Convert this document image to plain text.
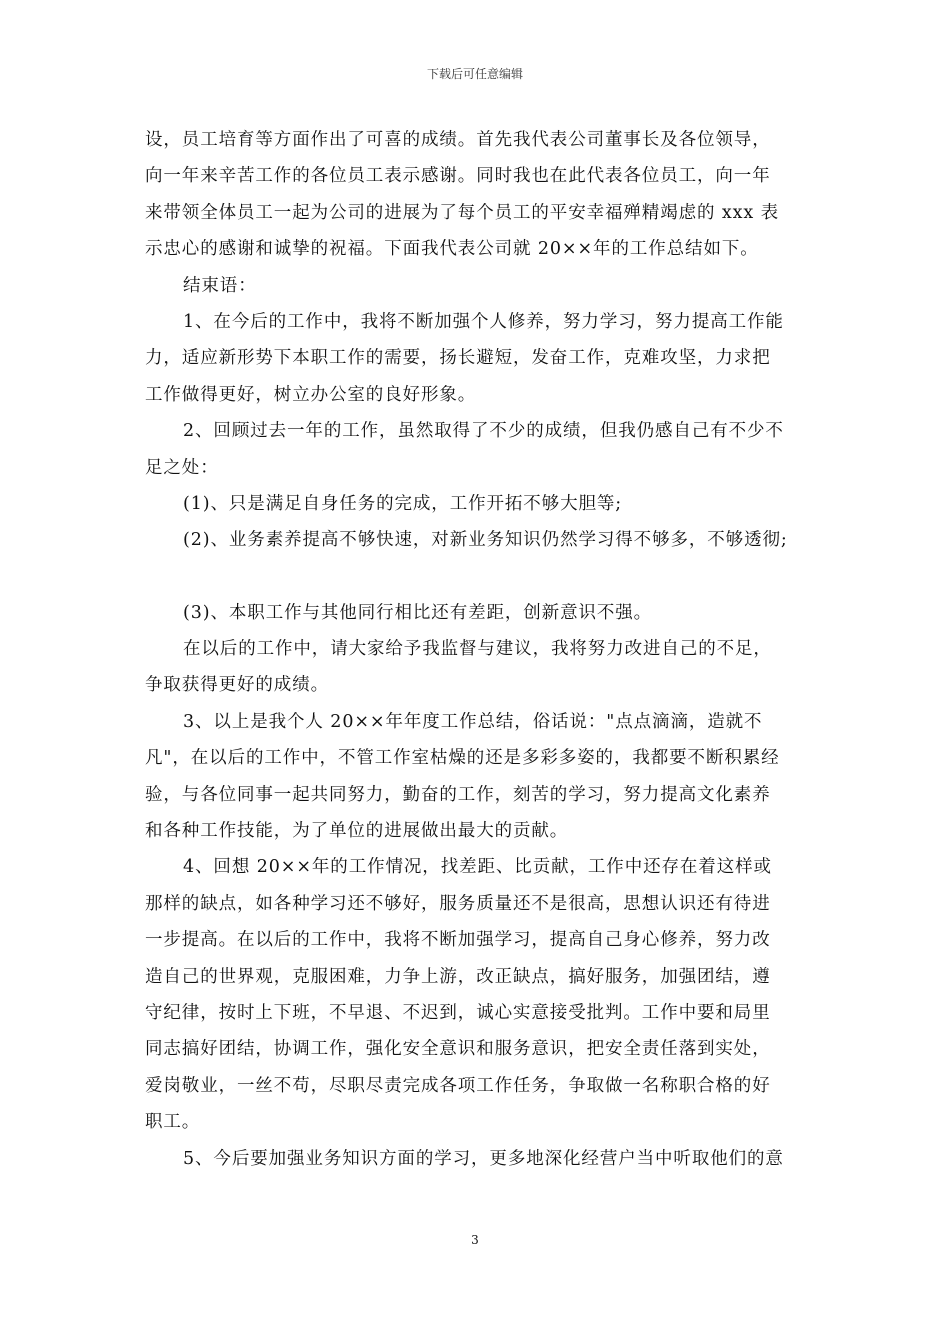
下载后可任意编辑
设，员工培育等方面作出了可喜的成绩。首先我代表公司董事长及各位领导，
向一年来辛苦工作的各位员工表示感谢。同时我也在此代表各位员工，向一年
来带领全体员工一起为公司的进展为了每个员工的平安幸福殚精竭虑的 xxx 表
示忠心的感谢和诚挚的祝福。下面我代表公司就 20××年的工作总结如下。
结束语：
1、在今后的工作中，我将不断加强个人修养，努力学习，努力提高工作能
力，适应新形势下本职工作的需要，扬长避短，发奋工作，克难攻坚，力求把
工作做得更好，树立办公室的良好形象。
2、回顾过去一年的工作，虽然取得了不少的成绩，但我仍感自己有不少不
足之处：
(1)、只是满足自身任务的完成，工作开拓不够大胆等;
(2)、业务素养提高不够快速，对新业务知识仍然学习得不够多，不够透彻;
(3)、本职工作与其他同行相比还有差距，创新意识不强。
在以后的工作中，请大家给予我监督与建议，我将努力改进自己的不足，
争取获得更好的成绩。
3、以上是我个人 20××年年度工作总结，俗话说："点点滴滴，造就不
凡"，在以后的工作中，不管工作室枯燥的还是多彩多姿的，我都要不断积累经
验，与各位同事一起共同努力，勤奋的工作，刻苦的学习，努力提高文化素养
和各种工作技能，为了单位的进展做出最大的贡献。
4、回想 20××年的工作情况，找差距、比贡献，工作中还存在着这样或
那样的缺点，如各种学习还不够好，服务质量还不是很高，思想认识还有待进
一步提高。在以后的工作中，我将不断加强学习，提高自己身心修养，努力改
造自己的世界观，克服困难，力争上游，改正缺点，搞好服务，加强团结，遵
守纪律，按时上下班，不早退、不迟到，诚心实意接受批判。工作中要和局里
同志搞好团结，协调工作，强化安全意识和服务意识，把安全责任落到实处，
爱岗敬业，一丝不苟，尽职尽责完成各项工作任务，争取做一名称职合格的好
职工。
5、今后要加强业务知识方面的学习，更多地深化经营户当中听取他们的意
3
